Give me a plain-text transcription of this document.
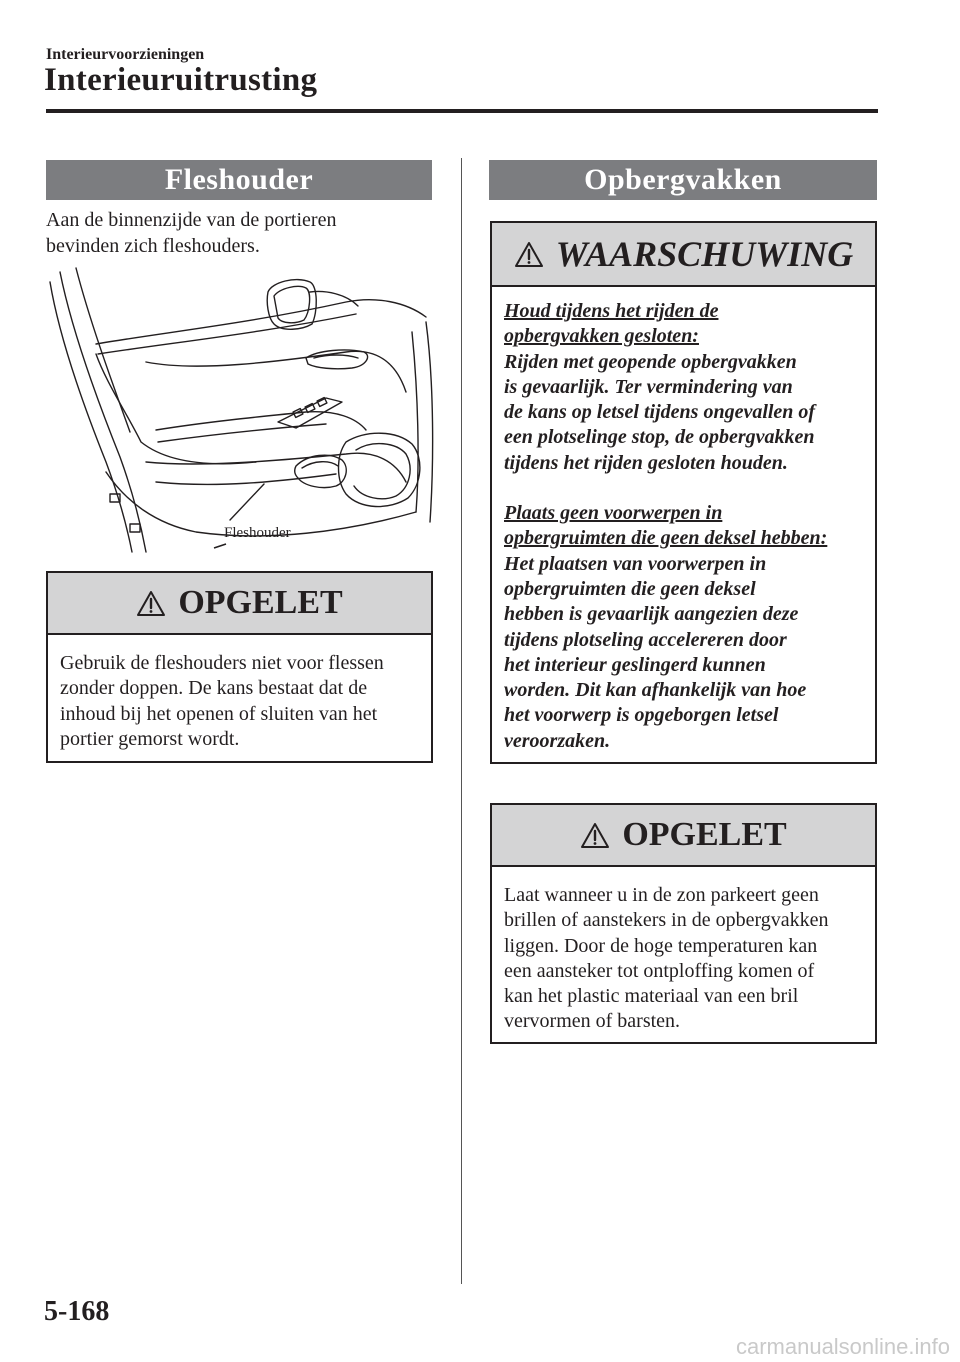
Interieurvoorzieningen
Interieuruitrusting
Fleshouder
Aan de binnenzijde van de portieren
bevinden zich fleshouders.
Fleshouder
OPGELET
Gebruik de fleshouders niet voor flessen
zonder doppen. De kans bestaat dat de
inhoud bij het openen of sluiten van het
portier gemorst wordt.
Opbergvakken
WAARSCHUWING
Houd tijdens het rijden de
opbergvakken gesloten:
Rijden met geopende opbergvakken
is gevaarlijk. Ter vermindering van
de kans op letsel tijdens ongevallen of
een plotselinge stop, de opbergvakken
tijdens het rijden gesloten houden.
Plaats geen voorwerpen in
opbergruimten die geen deksel hebben:
Het plaatsen van voorwerpen in
opbergruimten die geen deksel
hebben is gevaarlijk aangezien deze
tijdens plotseling accelereren door
het interieur geslingerd kunnen
worden. Dit kan afhankelijk van hoe
het voorwerp is opgeborgen letsel
veroorzaken.
OPGELET
Laat wanneer u in de zon parkeert geen
brillen of aanstekers in de opbergvakken
liggen. Door de hoge temperaturen kan
een aansteker tot ontploffing komen of
kan het plastic materiaal van een bril
vervormen of barsten.
5-168
carmanualsonline.info
